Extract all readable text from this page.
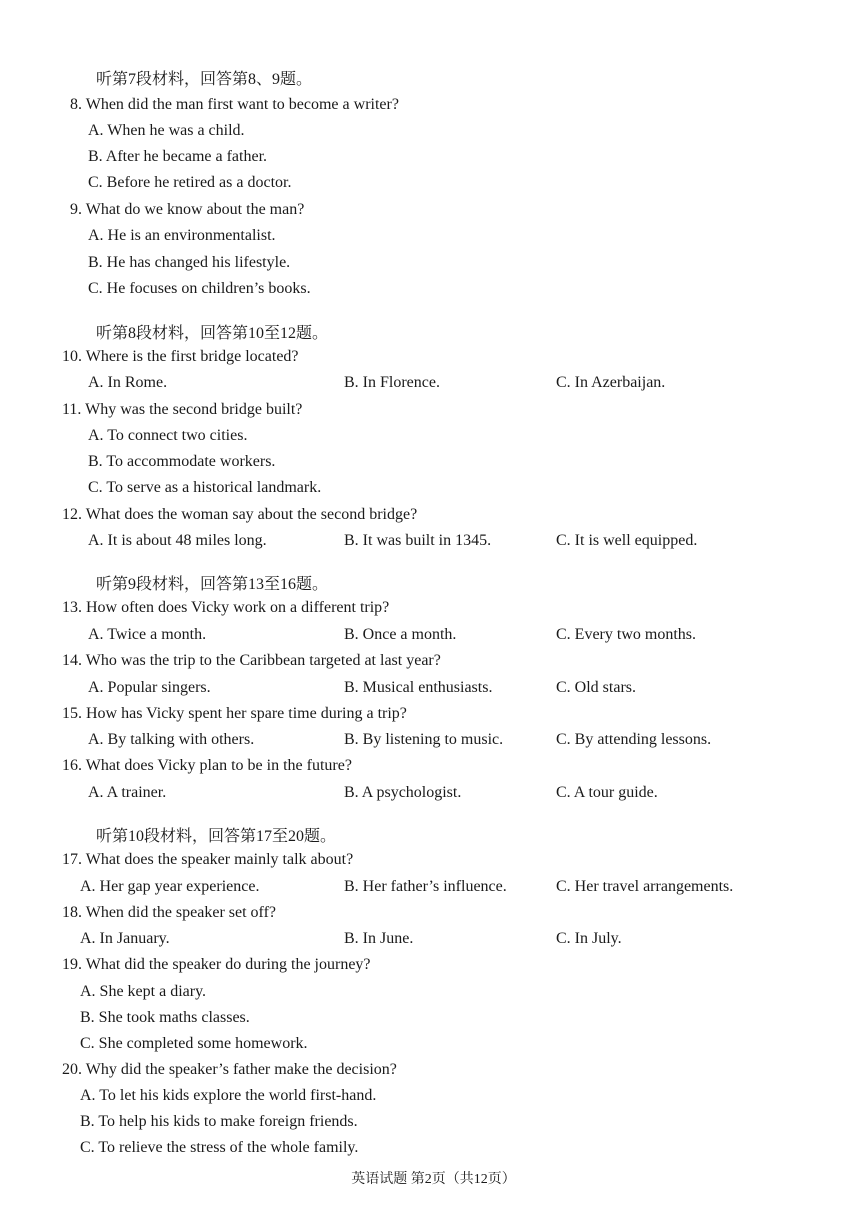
听第7段材料，回答第8、9题。
8. When did the man first want to become a writer?
A. When he was a child.
B. After he became a father.
C. Before he retired as a doctor.
9. What do we know about the man?
A. He is an environmentalist.
B. He has changed his lifestyle.
C. He focuses on children’s books.
听第8段材料，回答第10至12题。
10. Where is the first bridge located?
A. In Rome.	B. In Florence.	C. In Azerbaijan.
11. Why was the second bridge built?
A. To connect two cities.
B. To accommodate workers.
C. To serve as a historical landmark.
12. What does the woman say about the second bridge?
A. It is about 48 miles long.	B. It was built in 1345.	C. It is well equipped.
听第9段材料，回答第13至16题。
13. How often does Vicky work on a different trip?
A. Twice a month.	B. Once a month.	C. Every two months.
14. Who was the trip to the Caribbean targeted at last year?
A. Popular singers.	B. Musical enthusiasts.	C. Old stars.
15. How has Vicky spent her spare time during a trip?
A. By talking with others.	B. By listening to music.	C. By attending lessons.
16. What does Vicky plan to be in the future?
A. A trainer.	B. A psychologist.	C. A tour guide.
听第10段材料，回答第17至20题。
17. What does the speaker mainly talk about?
A. Her gap year experience.	B. Her father’s influence.	C. Her travel arrangements.
18. When did the speaker set off?
A. In January.	B. In June.	C. In July.
19. What did the speaker do during the journey?
A. She kept a diary.
B. She took maths classes.
C. She completed some homework.
20. Why did the speaker’s father make the decision?
A. To let his kids explore the world first-hand.
B. To help his kids to make foreign friends.
C. To relieve the stress of the whole family.
英语试题 第2页（共12页）
